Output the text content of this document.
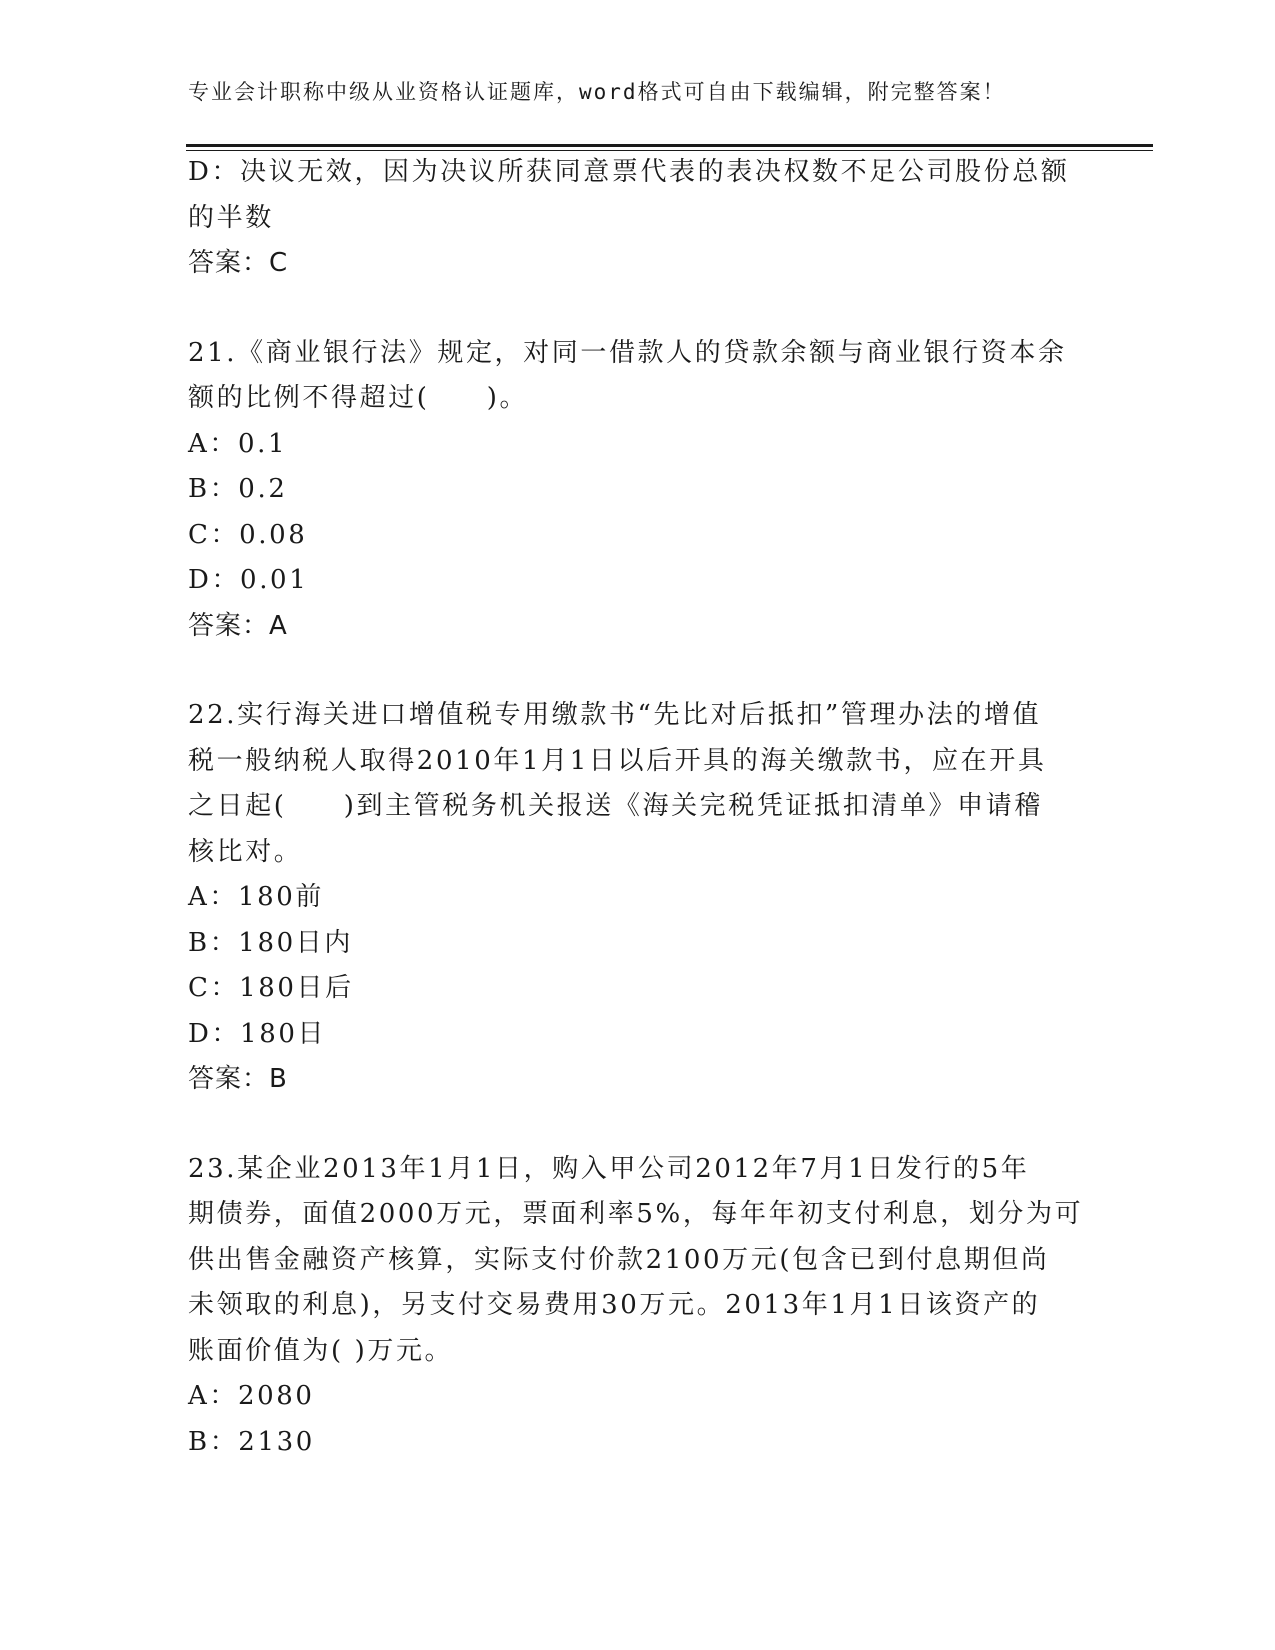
专业会计职称中级从业资格认证题库，word格式可自由下载编辑，附完整答案！
D：决议无效，因为决议所获同意票代表的表决权数不足公司股份总额
的半数
答案：C
21.《商业银行法》规定，对同一借款人的贷款余额与商业银行资本余
额的比例不得超过(　　)。
A：0.1
B：0.2
C：0.08
D：0.01
答案：A
22.实行海关进口增值税专用缴款书“先比对后抵扣”管理办法的增值
税一般纳税人取得2010年1月1日以后开具的海关缴款书，应在开具
之日起(　　)到主管税务机关报送《海关完税凭证抵扣清单》申请稽
核比对。
A：180前
B：180日内
C：180日后
D：180日
答案：B
23.某企业2013年1月1日，购入甲公司2012年7月1日发行的5年
期债券，面值2000万元，票面利率5%，每年年初支付利息，划分为可
供出售金融资产核算，实际支付价款2100万元(包含已到付息期但尚
未领取的利息)，另支付交易费用30万元。2013年1月1日该资产的
账面价值为( )万元。
A：2080
B：2130
